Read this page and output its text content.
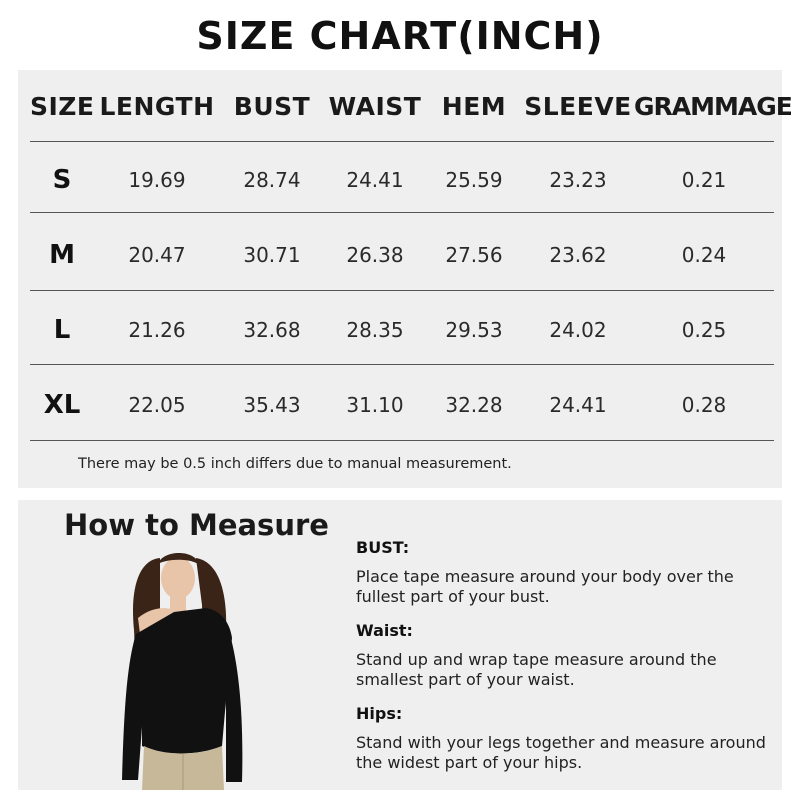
SIZE CHART(INCH)
SIZE LENGTH BUST WAIST HEM SLEEVE GRAMMAGE
S	19.69	28.74	24.41	25.59	23.23	0.21
M	20.47	30.71	26.38	27.56	23.62	0.24
L	21.26	32.68	28.35	29.53	24.02	0.25
XL	22.05	35.43	31.10	32.28	24.41	0.28
There may be 0.5 inch differs due to manual measurement.
How to Measure
BUST:
Place tape measure around your body over the fullest part of your bust.
Waist:
Stand up and wrap tape measure around the smallest part of your waist.
Hips:
Stand with your legs together and measure around the widest part of your hips.
